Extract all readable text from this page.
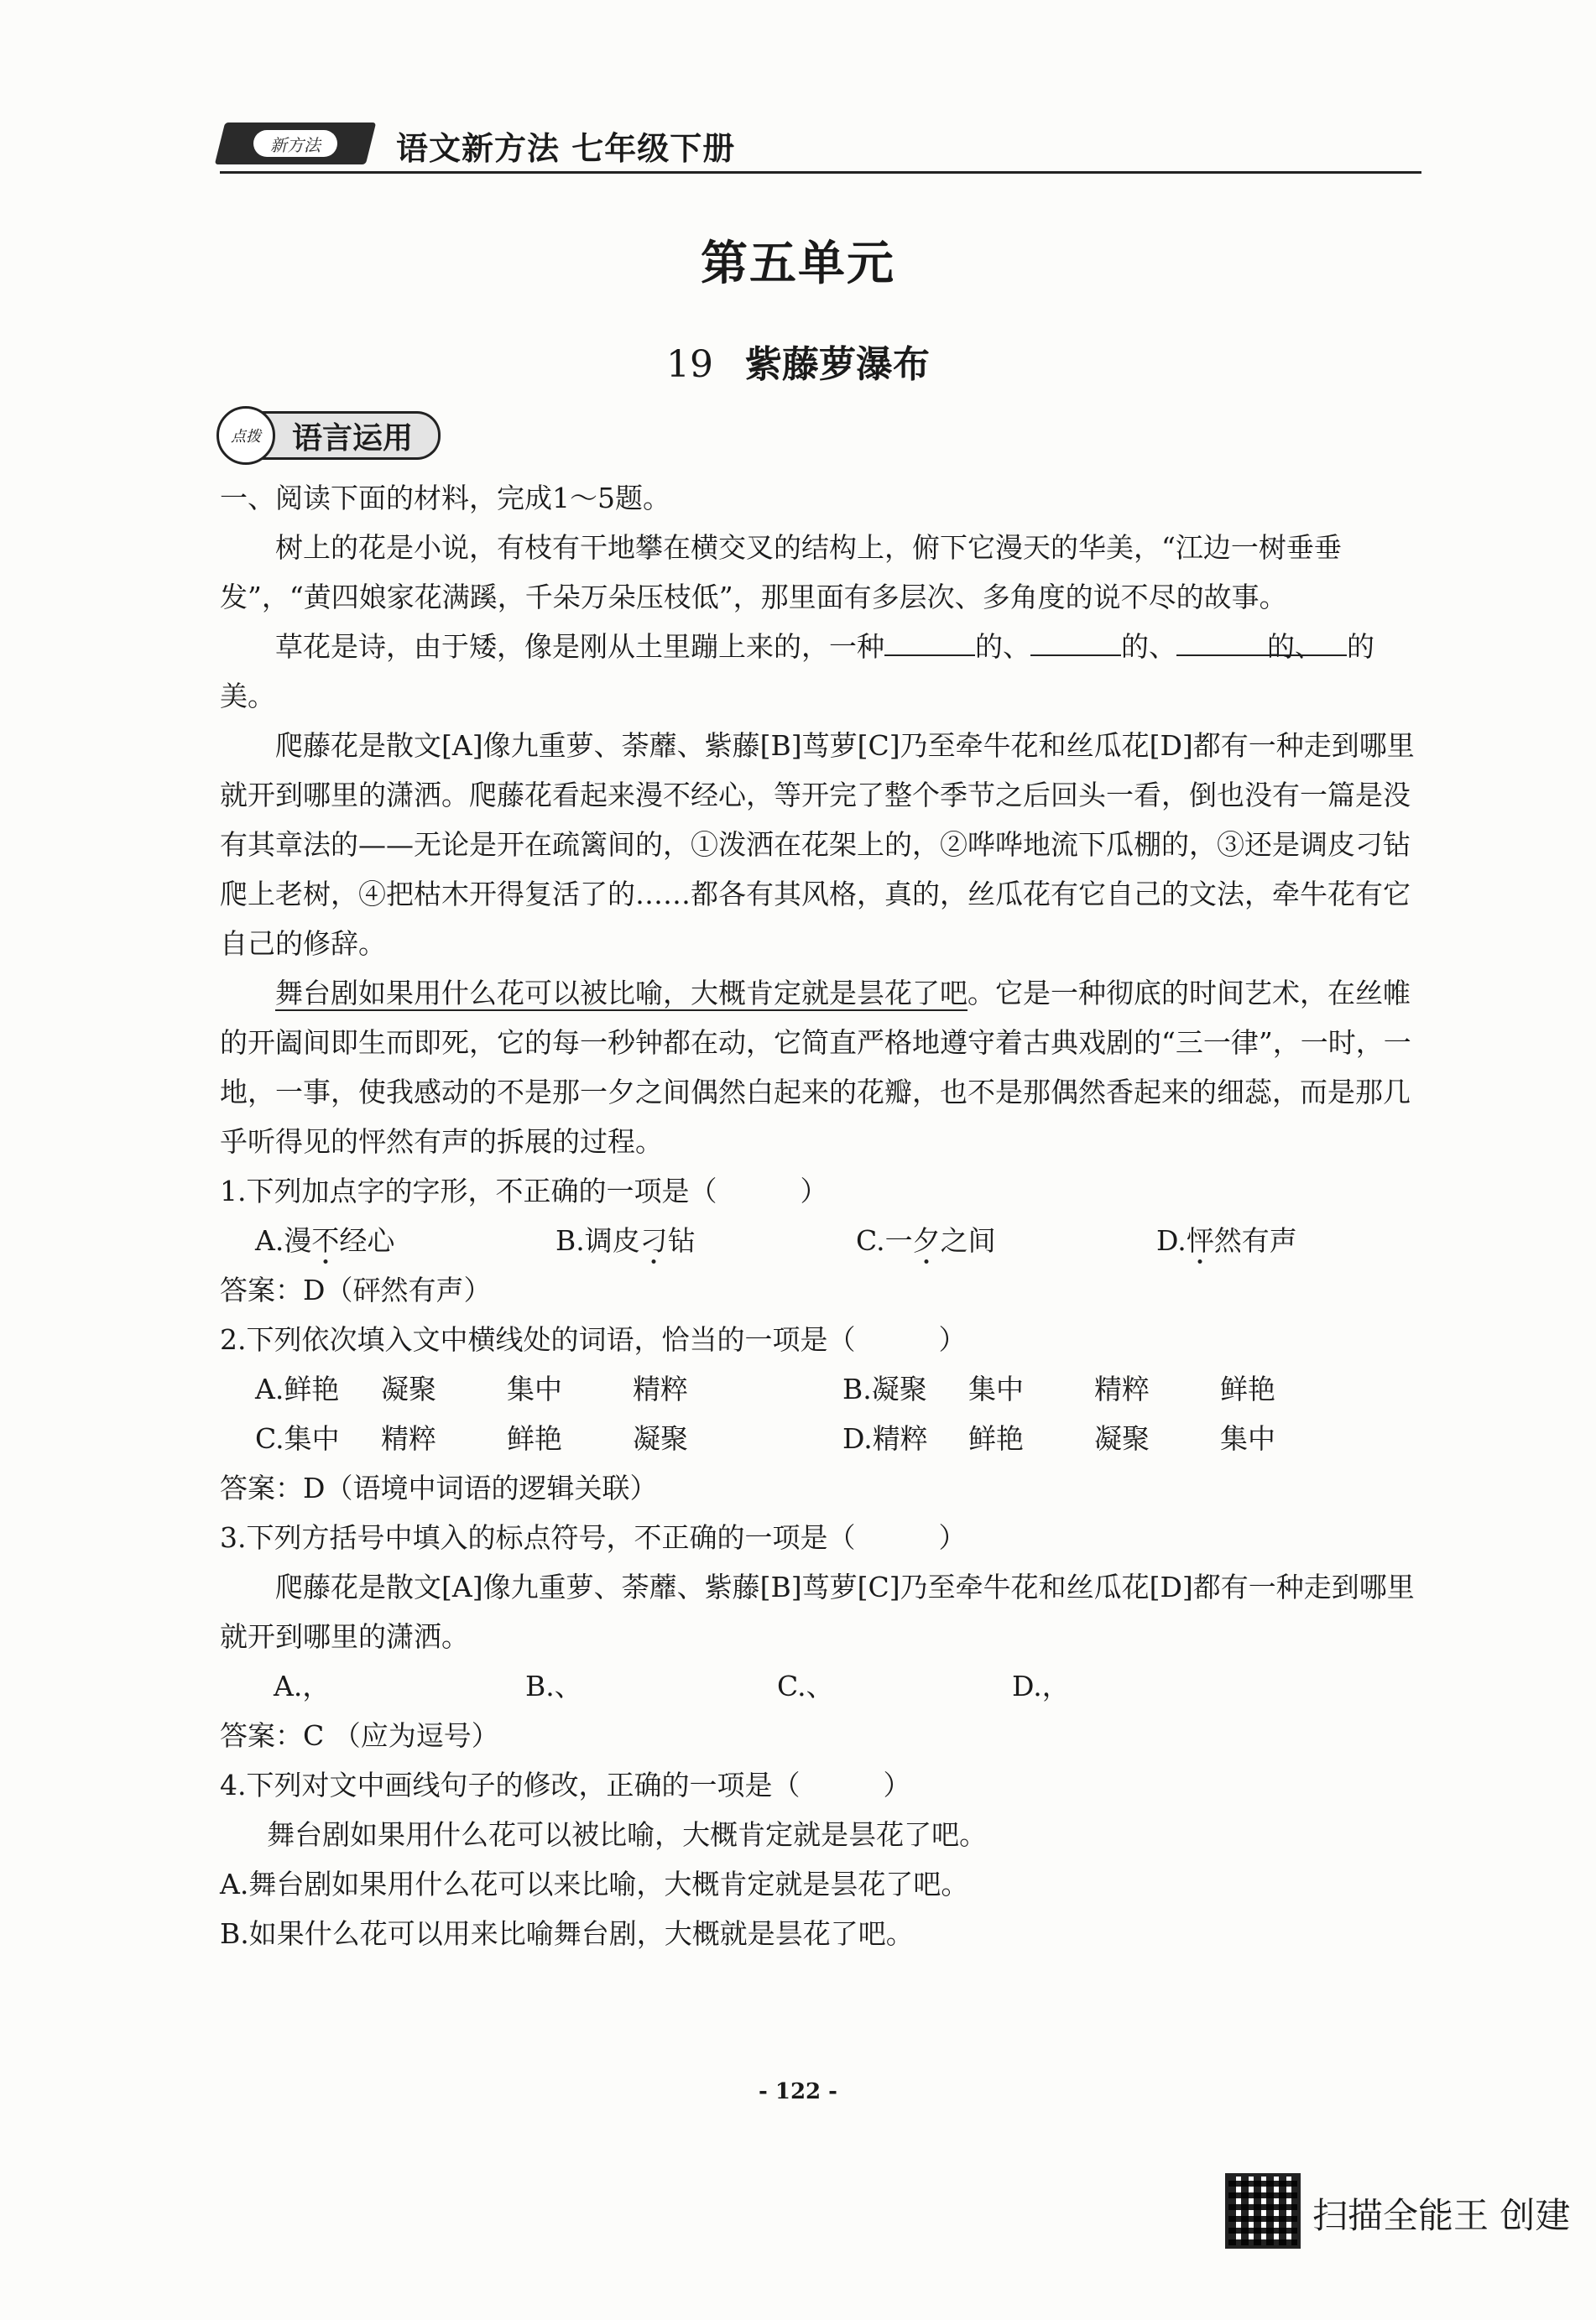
新方法	语文新方法 七年级下册
第五单元
19 紫藤萝瀑布
点拨	语言运用

一、阅读下面的材料，完成1～5题。

树上的花是小说，有枝有干地攀在横交叉的结构上，俯下它漫天的华美，“江边一树垂垂发”，“黄四娘家花满蹊，千朵万朵压枝低”，那里面有多层次、多角度的说不尽的故事。

草花是诗，由于矮，像是刚从土里蹦上来的，一种	的、	的、	的、 的美。

爬藤花是散文[A]像九重萝、荼蘼、紫藤[B]茑萝[C]乃至牵牛花和丝瓜花[D]都有一种走到哪里就开到哪里的潇洒。爬藤花看起来漫不经心，等开完了整个季节之后回头一看，倒也没有一篇是没有其章法的——无论是开在疏篱间的，①泼洒在花架上的，②哗哗地流下瓜棚的，③还是调皮刁钻爬上老树，④把枯木开得复活了的……都各有其风格，真的，丝瓜花有它自己的文法，牵牛花有它自己的修辞。

舞台剧如果用什么花可以被比喻，大概肯定就是昙花了吧。它是一种彻底的时间艺术，在丝帷的开阖间即生而即死，它的每一秒钟都在动，它简直严格地遵守着古典戏剧的“三一律”，一时，一地，一事，使我感动的不是那一夕之间偶然白起来的花瓣，也不是那偶然香起来的细蕊，而是那几乎听得见的怦然有声的拆展的过程。

1.下列加点字的字形，不正确的一项是（　　　）

A.漫不经心	B.调皮刁钻	C.一夕之间	D.怦然有声

答案：D（砰然有声）

2.下列依次填入文中横线处的词语，恰当的一项是（　　　）

A.鲜艳	凝聚	集中	精粹	B.凝聚	集中	精粹	鲜艳
C.集中	精粹	鲜艳	凝聚	D.精粹	鲜艳	凝聚	集中

答案：D（语境中词语的逻辑关联）

3.下列方括号中填入的标点符号，不正确的一项是（　　　）

爬藤花是散文[A]像九重萝、荼蘼、紫藤[B]茑萝[C]乃至牵牛花和丝瓜花[D]都有一种走到哪里就开到哪里的潇洒。

A.，	B.、	C.、	D.，

答案：C （应为逗号）

4.下列对文中画线句子的修改，正确的一项是（　　　）

舞台剧如果用什么花可以被比喻，大概肯定就是昙花了吧。

A.舞台剧如果用什么花可以来比喻，大概肯定就是昙花了吧。

B.如果什么花可以用来比喻舞台剧，大概就是昙花了吧。

- 122 -
扫描全能王 创建
